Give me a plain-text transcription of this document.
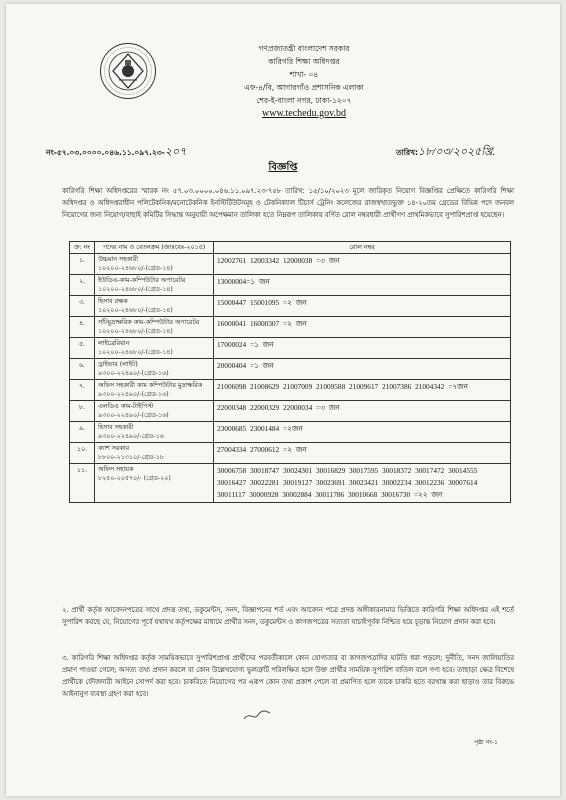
গণপ্রজাতন্ত্রী বাংলাদেশ সরকার
কারিগরি শিক্ষা অধিদপ্তর
শাখা- ০৪
এফ-৪/বি, আগারগাঁও প্রশাসনিক এলাকা
শের-ই-বাংলা নগর, ঢাকা-১২০৭
www.techedu.gov.bd
নং-৫৭.০৩.০০০০.০৪৬.১১.০৯৭.২৩-২০৭	তারিখ:১৮/০৩/২০২৫খ্রি.
বিজ্ঞপ্তি
কারিগরি শিক্ষা অধিদপ্তরের স্মারক নং ৫৭.০৩.০০০০.০৪৬.১১.০৯৭.২৩-৭৫৮ তারিখ: ১৫/১০/২০২৩ মূলে জারিকৃত নিয়োগ বিজ্ঞপ্তির প্রেক্ষিতে কারিগরি শিক্ষা অধিদপ্তর ও অধিদপ্তরাধীন পলিটেকনিক/মনোটেকনিক ইনস্টিটিউটসমূহ ও টেকনিক্যাল টিচার্স ট্রেনিং কলেজের রাজস্বখাতভুক্ত ১৪-২০তম গ্রেডের বিভিন্ন পদে জনবল নিয়োগের জন্য নিয়োগ/বাছাই কমিটির সিদ্ধান্ত অনুযায়ী অপেক্ষমান তালিকা হতে নিম্নরূপ তালিকায় বর্ণিত রোল নম্বরধারী প্রার্থীগণ প্রাথমিকভাবে সুপারিশপ্রাপ্ত হয়েছেন।
ক্র: নং	পদের নাম ও বেতনক্রম (জাঃবেঃ-২০১৫)	রোল নম্বর
১.	উচ্চমান সহকারী
১০২০০-২৪৬৮০/-(গ্রেড-১৪)	12002761 12003342 12000038 =৩ জন
২.	ইউডিএ-কাম-কম্পিউটার অপারেটর
১০২০০-২৪৬৮০/-(গ্রেড-১৪)	13000004=১ জন
৩.	হিসাব রক্ষক
১০২০০-২৪৬৮০/-(গ্রেড-১৪)	15000447 15001095 =২ জন
৪.	সাঁটমুদ্রাক্ষরিক কাম-কম্পিউটার অপারেটর
১০২০০-২৪৬৮০/-(গ্রেড-১৪)	16000041 16000307 =২ জন
৫.	লাইব্রেরিয়ান
১০২০০-২৪৬৮০/-(গ্রেড-১৪)	17000024 =১ জন
৬.	ড্রাইভার (লাইট)
৯৩০০-২২৪৯০/-(গ্রেড-১৬)	20000404 =১ জন
৭.	অফিস সহকারী কাম কম্পিউটার মুদ্রাক্ষরিক
৯৩০০-২২৪৯০/-(গ্রেড-১৬)	21006098 21008629 21007009 21009588 21009617 21007386 21004342 =৭জন
৮.	এলডিএ কাম-টাইপিস্ট
৯৩০০-২২৪৯০/-(গ্রেড-১৬)	22000348 22000329 22000034 =৩ জন
৯.	হিসাব সহকারী
৯৩০০-২২৪৯০/-গ্রেড-১৬	23000685 23001484 =২জন
১০.	ক্যাশ সরকার
৮৮০০-২১৩১০/-গ্রেড-১৮	27004334 27000612 =২ জন
১১.	অফিস সহায়ক
৮২৫০-২০৫৭০/- (গ্রেড-২০)	30006758 30018747 30024301 30016829 30017595 30018372 30017472 30014555 30016427 30022281 30019127 30023691 30023421 30002234 30012236 30007614 30011117 30000928 30002884 30011786 30010668 30016730 =২২ জন
২. প্রার্থী কর্তৃক আবেদনপত্রের সাথে প্রদত্ত তথ্য, ডকুমেন্টস, সনদ, বিজ্ঞাপনের শর্ত এবং আবেদন পত্রে প্রদত্ত অঙ্গীকারনামার ভিত্তিতে কারিগরি শিক্ষা অধিদপ্তর এই শর্তে সুপারিশ করছে যে, নিয়োগের পূর্বে যথাযথ কর্তৃপক্ষের মাধ্যমে প্রার্থীর সনদ, ডকুমেন্টস ও কাগজপত্রের সত্যতা যাচাইপূর্বক নিশ্চিত হয়ে চূড়ান্ত নিয়োগ প্রদান করা হবে।
৩. কারিগরি শিক্ষা অধিদপ্তর কর্তৃক সাময়িকভাবে সুপারিশপ্রাপ্ত প্রার্থীদের পরবর্তীকালে কোন যোগ্যতার বা কাগজপত্রাদির ঘাটতি ধরা পড়লে; দুর্নীতি, সনদ জালিয়াতির প্রমাণ পাওয়া গেলে; অসত্য তথ্য প্রদান করলে বা কোন উল্লেখযোগ্য ভুলত্রুটি পরিলক্ষিত হলে উক্ত প্রার্থীর সাময়িক সুপারিশ বাতিল বলে গণ্য হবে। তাছাড়া ক্ষেত্র বিশেষে প্রার্থীকে ফৌজদারী আইনে সোপর্দ করা হবে। চাকরিতে নিয়োগের পর এরূপ কোন তথ্য প্রকাশ পেলে বা প্রমাণিত হলে তাকে চাকরি হতে বরখাস্ত করা ছাড়াও তার বিরুদ্ধে আইনানুগ ব্যবস্থা গ্রহণ করা হবে।
পৃষ্ঠা নং-১
